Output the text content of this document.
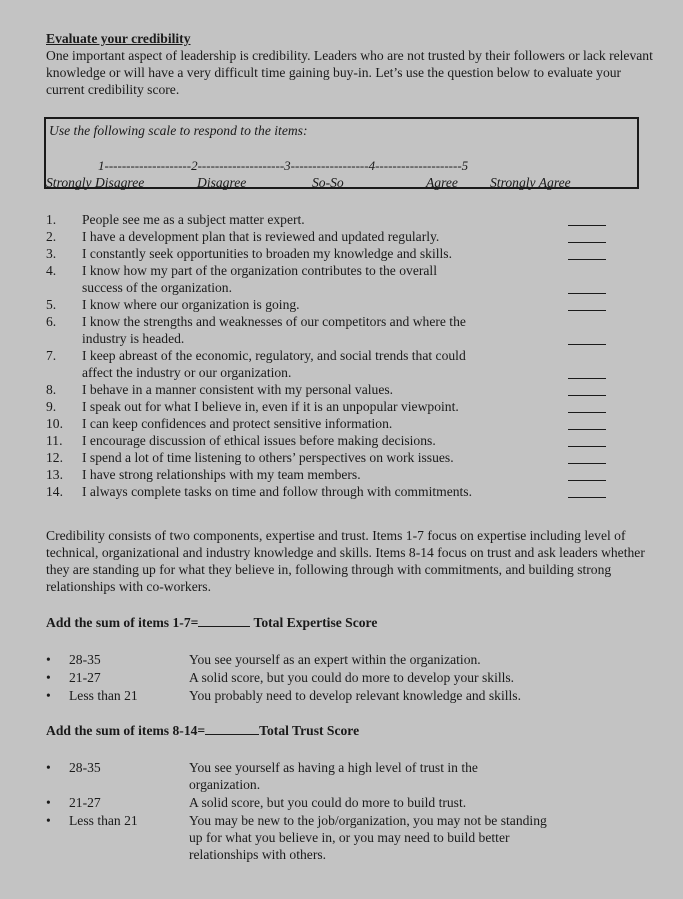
Evaluate your credibility

One important aspect of leadership is credibility. Leaders who are not trusted by their followers or lack relevant knowledge or will have a very difficult time gaining buy-in. Let’s use the question below to evaluate your current credibility score.

Use the following scale to respond to the items:
1--------------------2--------------------3------------------4--------------------5
Strongly Disagree	Disagree	So-So	Agree Strongly Agree
1. People see me as a subject matter expert.
2. I have a development plan that is reviewed and updated regularly.
3. I constantly seek opportunities to broaden my knowledge and skills.
4. I know how my part of the organization contributes to the overall success of the organization.
5. I know where our organization is going.
6. I know the strengths and weaknesses of our competitors and where the industry is headed.
7. I keep abreast of the economic, regulatory, and social trends that could affect the industry or our organization.
8. I behave in a manner consistent with my personal values.
9. I speak out for what I believe in, even if it is an unpopular viewpoint.
10. I can keep confidences and protect sensitive information.
11. I encourage discussion of ethical issues before making decisions.
12. I spend a lot of time listening to others’ perspectives on work issues.
13. I have strong relationships with my team members.
14. I always complete tasks on time and follow through with commitments.

Credibility consists of two components, expertise and trust. Items 1-7 focus on expertise including level of technical, organizational and industry knowledge and skills. Items 8-14 focus on trust and ask leaders whether they are standing up for what they believe in, following through with commitments, and building strong relationships with co-workers.

Add the sum of items 1-7=	Total Expertise Score
• 28-35	You see yourself as an expert within the organization.
• 21-27	A solid score, but you could do more to develop your skills.
• Less than 21	You probably need to develop relevant knowledge and skills.
Add the sum of items 8-14=	Total Trust Score
• 28-35	You see yourself as having a high level of trust in the organization.
• 21-27	A solid score, but you could do more to build trust.
• Less than 21	You may be new to the job/organization, you may not be standing up for what you believe in, or you may need to build better relationships with others.
